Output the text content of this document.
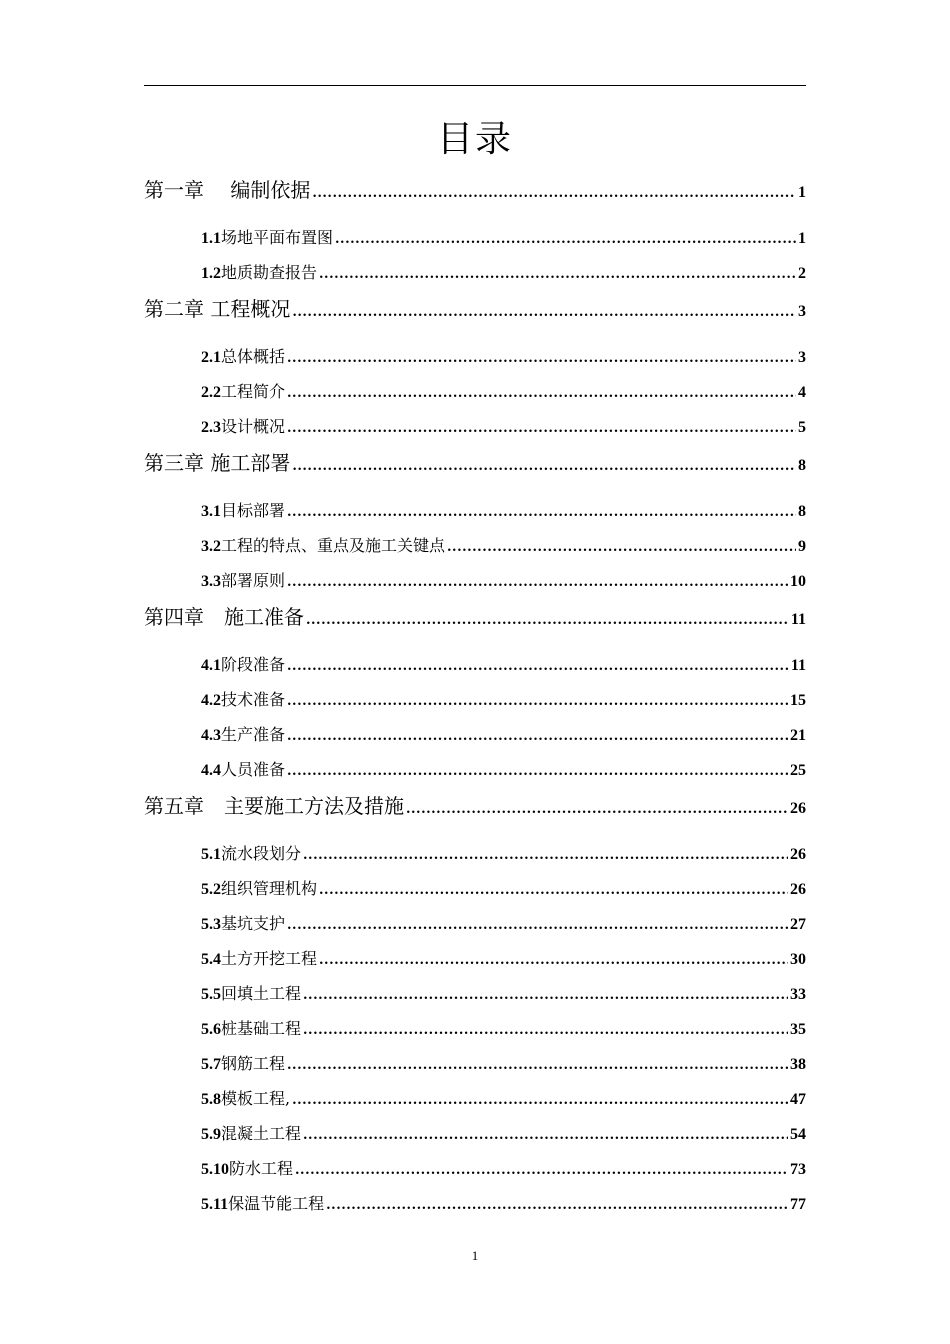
目录
第一章　 编制依据 .....	1
1.1 场地平面布置图 .....	1
1.2 地质勘查报告 .....	2
第二章 工程概况 .....	3
2.1 总体概括 .....	3
2.2 工程简介 .....	4
2.3 设计概况 .....	5
第三章 施工部署 .....	8
3.1 目标部署 .....	8
3.2 工程的特点、重点及施工关键点 .....	9
3.3 部署原则 .....	10
第四章　施工准备 .....	11
4.1 阶段准备 .....	11
4.2 技术准备 .....	15
4.3 生产准备 .....	21
4.4 人员准备 .....	25
第五章　主要施工方法及措施 .....	26
5.1 流水段划分 .....	26
5.2 组织管理机构 .....	26
5.3 基坑支护 .....	27
5.4 土方开挖工程 .....	30
5.5 回填土工程 .....	33
5.6 桩基础工程 .....	35
5.7 钢筋工程 .....	38
5.8 模板工程, .....	47
5.9 混凝土工程 .....	54
5.10 防水工程 .....	73
5.11 保温节能工程 .....	77
1
